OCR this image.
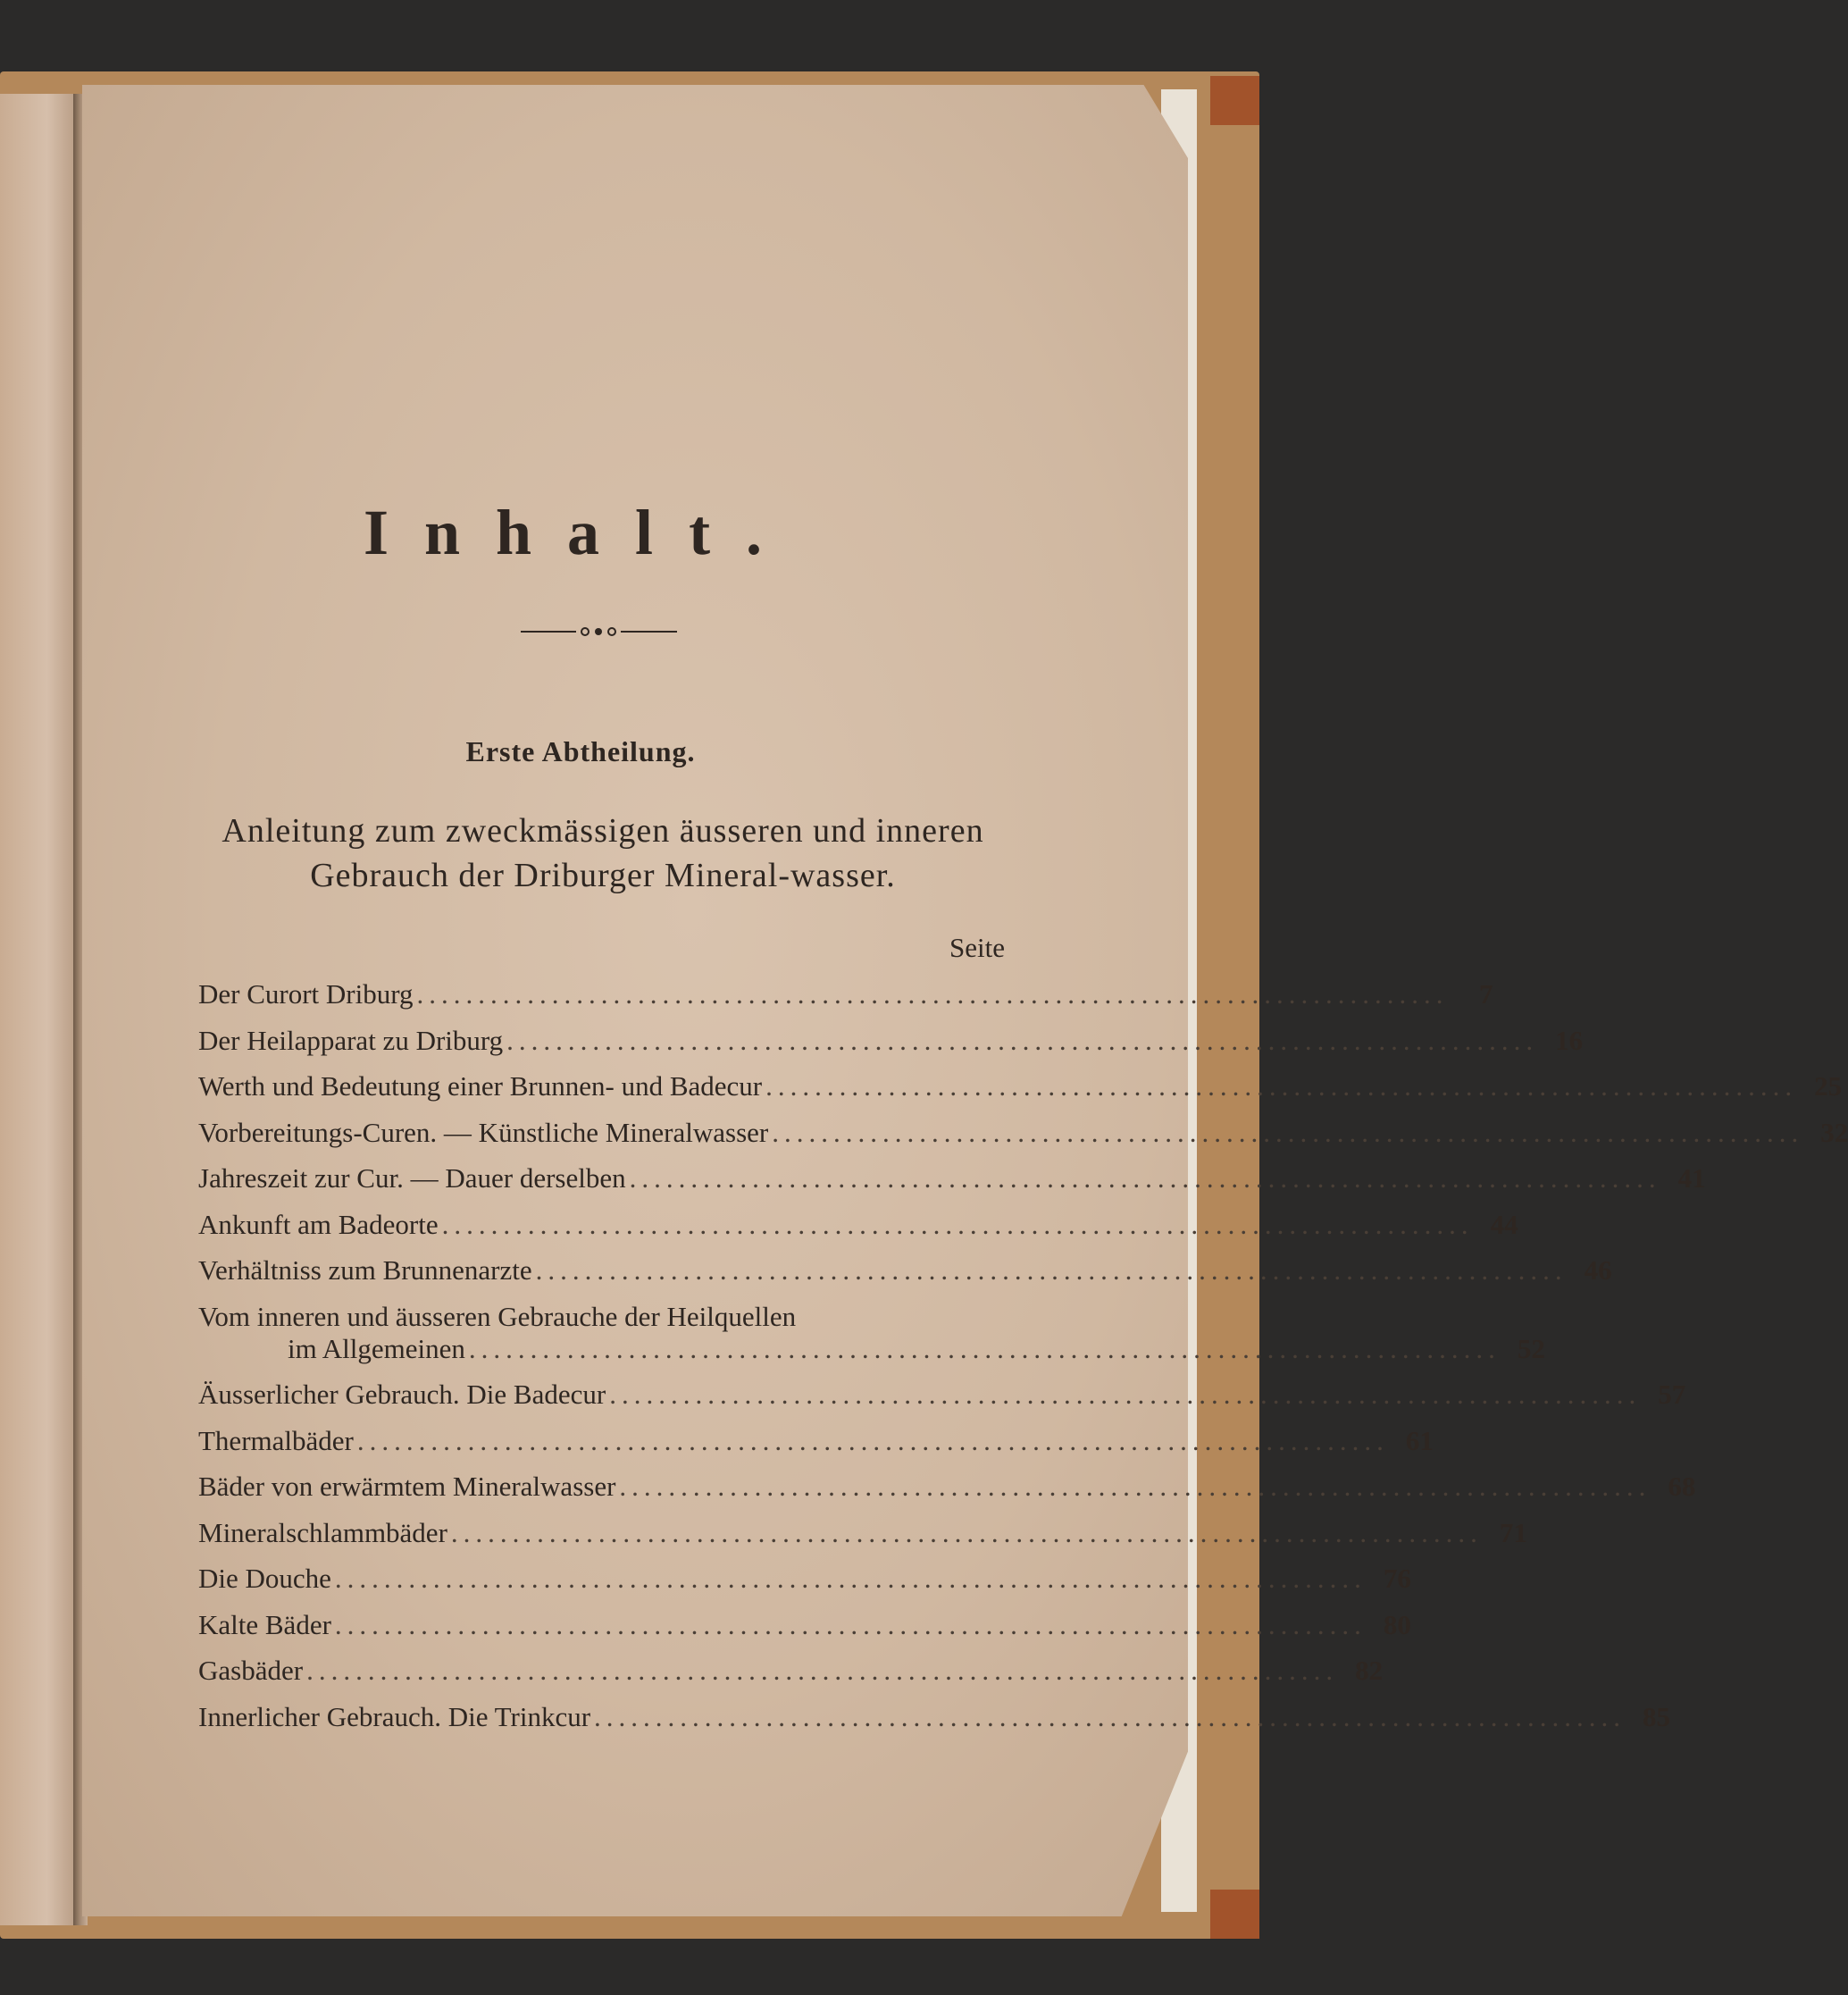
Inhalt.
Erste Abtheilung.
Anleitung zum zweckmässigen äusseren und inneren Gebrauch der Driburger Mineral-wasser.
Seite
Der Curort Driburg ....................................................................................	7
Der Heilapparat zu Driburg .................................................................................... 16
Werth und Bedeutung einer Brunnen- und Badecur .................................................................................... 25
Vorbereitungs-Curen. — Künstliche Mineralwasser .................................................................................... 32
Jahreszeit zur Cur. — Dauer derselben .................................................................................... 41
Ankunft am Badeorte .................................................................................... 44
Verhältniss zum Brunnenarzte .................................................................................... 46
Vom inneren und äusseren Gebrauche der Heilquellen
im Allgemeinen .................................................................................... 52
Äusserlicher Gebrauch. Die Badecur .................................................................................... 57
Thermalbäder .................................................................................... 61
Bäder von erwärmtem Mineralwasser .................................................................................... 68
Mineralschlammbäder .................................................................................... 71
Die Douche .................................................................................... 76
Kalte Bäder .................................................................................... 80
Gasbäder .................................................................................... 82
Innerlicher Gebrauch. Die Trinkcur .................................................................................... 85
